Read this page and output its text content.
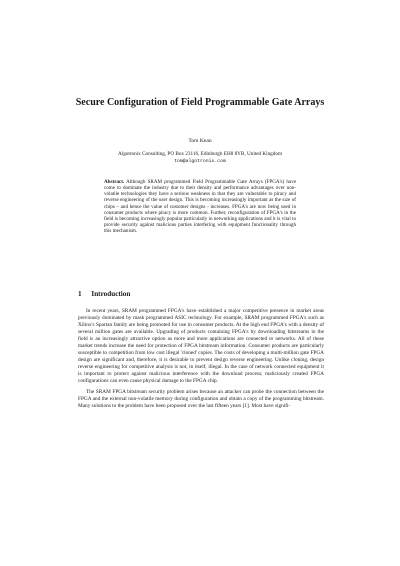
Secure Configuration of Field Programmable Gate Arrays
Tom Kean
Algotronix Consulting, PO Box 23116, Edinburgh EH8 8YB, United Kingdom
tom@algotronix.com
Abstract. Although SRAM programmed Field Programmable Gate Arrays (FPGA's) have come to dominate the industry due to their density and performance advantages over non-volatile technologies they have a serious weakness in that they are vulnerable to piracy and reverse engineering of the user design. This is becoming increasingly important as the size of chips – and hence the value of customer designs - increases. FPGA's are now being used in consumer products where piracy is more common. Further, reconfiguration of FPGA's in the field is becoming increasingly popular particularly in networking applications and it is vital to provide security against malicious parties interfering with equipment functionality through this mechanism.
1 Introduction

In recent years, SRAM programmed FPGA's have established a major competitive presence in market areas previously dominated by mask programmed ASIC technology. For example, SRAM programmed FPGA's such as Xilinx's Spartan family are being promoted for use in consumer products. At the high end FPGA's with a density of several million gates are available. Upgrading of products containing FPGA's by downloading bitstreams in the field is an increasingly attractive option as more and more applications are connected to networks. All of these market trends increase the need for protection of FPGA bitstream information. Consumer products are particularly susceptible to competition from low cost illegal 'cloned' copies. The costs of developing a multi-million gate FPGA design are significant and, therefore, it is desirable to prevent design reverse engineering. Unlike cloning, design reverse engineering for competitive analysis is not, in itself, illegal. In the case of network connected equipment it is important to protect against malicious interference with the download process; maliciously created FPGA configurations can even cause physical damage to the FPGA chip.

The SRAM FPGA bitstream security problem arises because an attacker can probe the connection between the FPGA and the external non-volatile memory during configuration and obtain a copy of the programming bitstream. Many solutions to the problem have been proposed over the last fifteen years [1]. Most have signifi-
